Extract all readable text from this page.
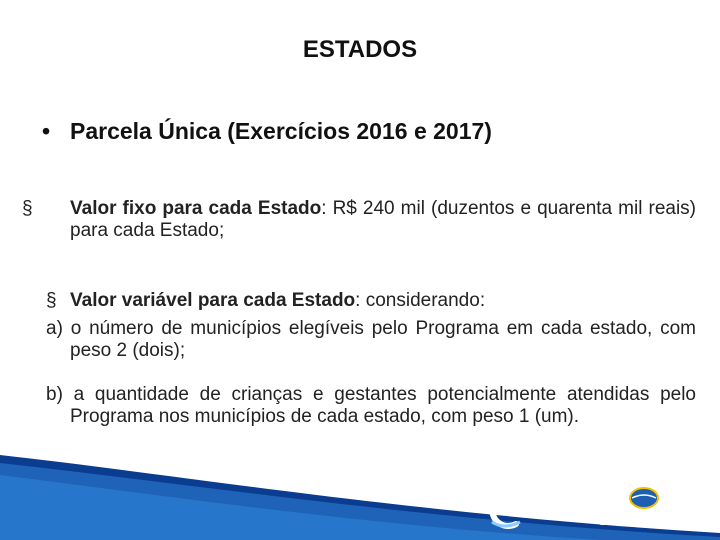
ESTADOS
• Parcela Única (Exercícios 2016 e 2017)
§ Valor fixo para cada Estado: R$ 240 mil (duzentos e quarenta mil reais) para cada Estado;
§ Valor variável para cada Estado: considerando:
a) o número de municípios elegíveis pelo Programa em cada estado, com peso 2 (dois);
b) a quantidade de crianças e gestantes potencialmente atendidas pelo Programa nos municípios de cada estado, com peso 1 (um).
criança
feliz	BRASIL
